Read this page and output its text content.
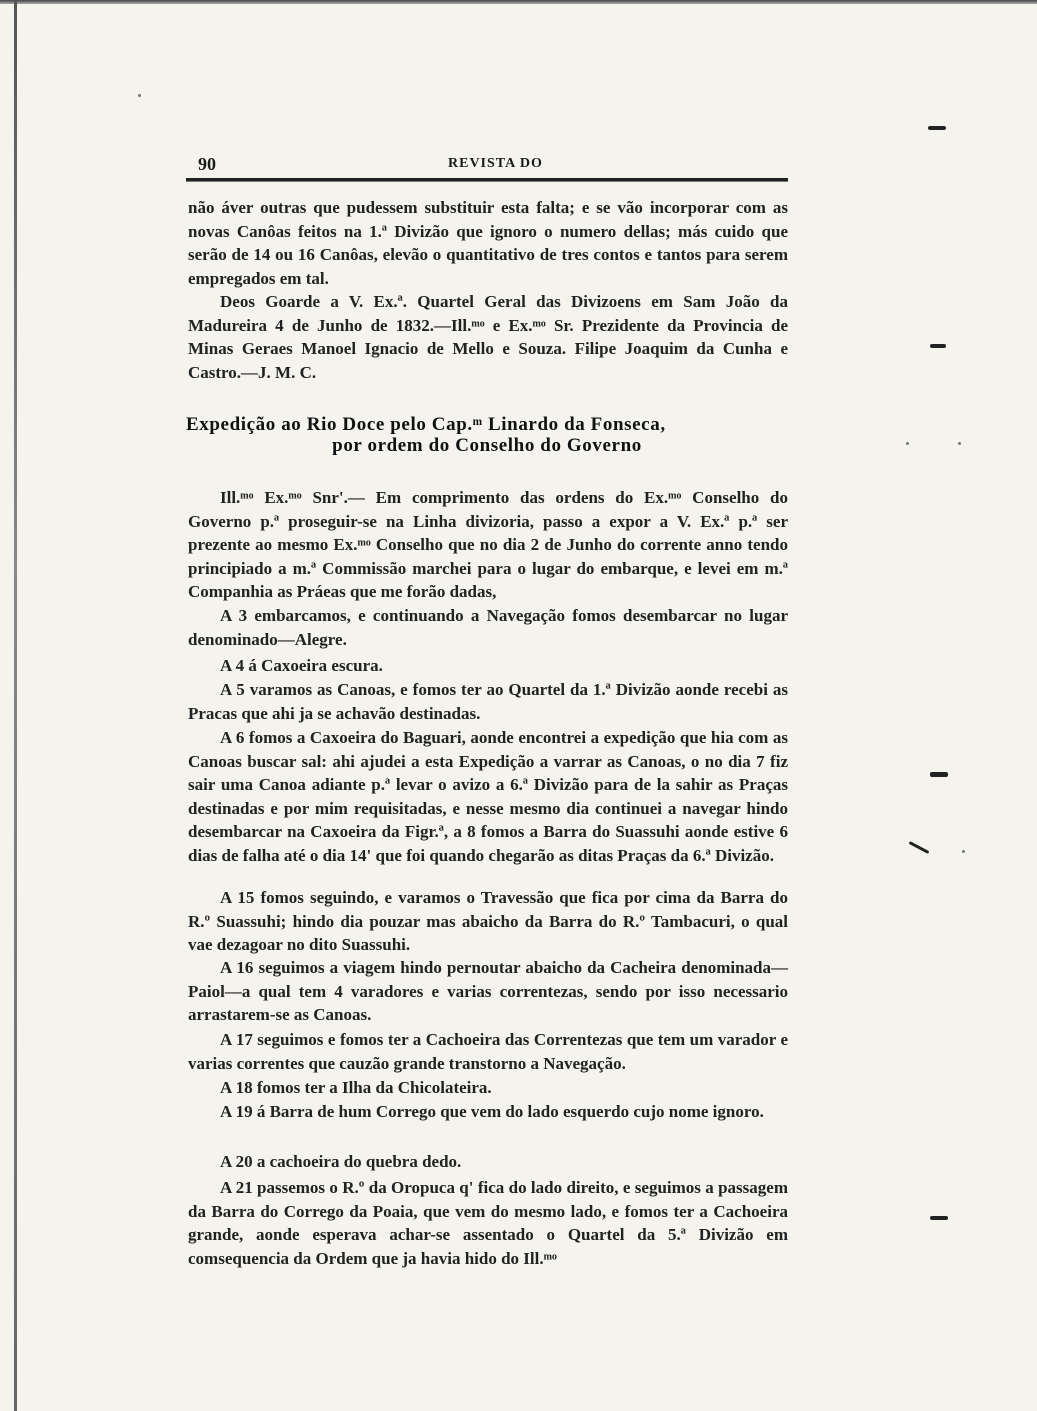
90	REVISTA DO

não áver outras que pudessem substituir esta falta; e se vão incorporar com as novas Canôas feitos na 1.ª Divizão que ignoro o numero dellas; más cuido que serão de 14 ou 16 Canôas, elevão o quantitativo de tres contos e tantos para serem empregados em tal.

Deos Goarde a V. Ex.ª. Quartel Geral das Divizoens em Sam João da Madureira 4 de Junho de 1832.—Ill.ᵐᵒ e Ex.ᵐᵒ Sr. Prezidente da Provincia de Minas Geraes Manoel Ignacio de Mello e Souza. Filipe Joaquim da Cunha e Castro.—J. M. C.

Expedição ao Rio Doce pelo Cap.ᵐ Linardo da Fonseca,
por ordem do Conselho do Governo

Ill.ᵐᵒ Ex.ᵐᵒ Snr'.— Em comprimento das ordens do Ex.ᵐᵒ Conselho do Governo p.ª proseguir-se na Linha divizoria, passo a expor a V. Ex.ª p.ª ser prezente ao mesmo Ex.ᵐᵒ Conselho que no dia 2 de Junho do corrente anno tendo principiado a m.ª Commissão marchei para o lugar do embarque, e levei em m.ª Companhia as Práeas que me forão dadas,

A 3 embarcamos, e continuando a Navegação fomos desembarcar no lugar denominado—Alegre.

A 4 á Caxoeira escura.

A 5 varamos as Canoas, e fomos ter ao Quartel da 1.ª Divizão aonde recebi as Pracas que ahi ja se achavão destinadas.

A 6 fomos a Caxoeira do Baguari, aonde encontrei a expedição que hia com as Canoas buscar sal: ahi ajudei a esta Expedição a varrar as Canoas, o no dia 7 fiz sair uma Canoa adiante p.ª levar o avizo a 6.ª Divizão para de la sahir as Praças destinadas e por mim requisitadas, e nesse mesmo dia continuei a navegar hindo desembarcar na Caxoeira da Figr.ª, a 8 fomos a Barra do Suassuhi aonde estive 6 dias de falha até o dia 14' que foi quando chegarão as ditas Praças da 6.ª Divizão.

A 15 fomos seguindo, e varamos o Travessão que fica por cima da Barra do R.º Suassuhi; hindo dia pouzar mas abaicho da Barra do R.º Tambacuri, o qual vae dezagoar no dito Suassuhi.

A 16 seguimos a viagem hindo pernoutar abaicho da Cacheira denominada—Paiol—a qual tem 4 varadores e varias correntezas, sendo por isso necessario arrastarem-se as Canoas.

A 17 seguimos e fomos ter a Cachoeira das Correntezas que tem um varador e varias correntes que cauzão grande transtorno a Navegação.

A 18 fomos ter a Ilha da Chicolateira.

A 19 á Barra de hum Corrego que vem do lado esquerdo cujo nome ignoro.

A 20 a cachoeira do quebra dedo.

A 21 passemos o R.º da Oropuca q' fica do lado direito, e seguimos a passagem da Barra do Corrego da Poaia, que vem do mesmo lado, e fomos ter a Cachoeira grande, aonde esperava achar-se assentado o Quartel da 5.ª Divizão em comsequencia da Ordem que ja havia hido do Ill.ᵐᵒ
